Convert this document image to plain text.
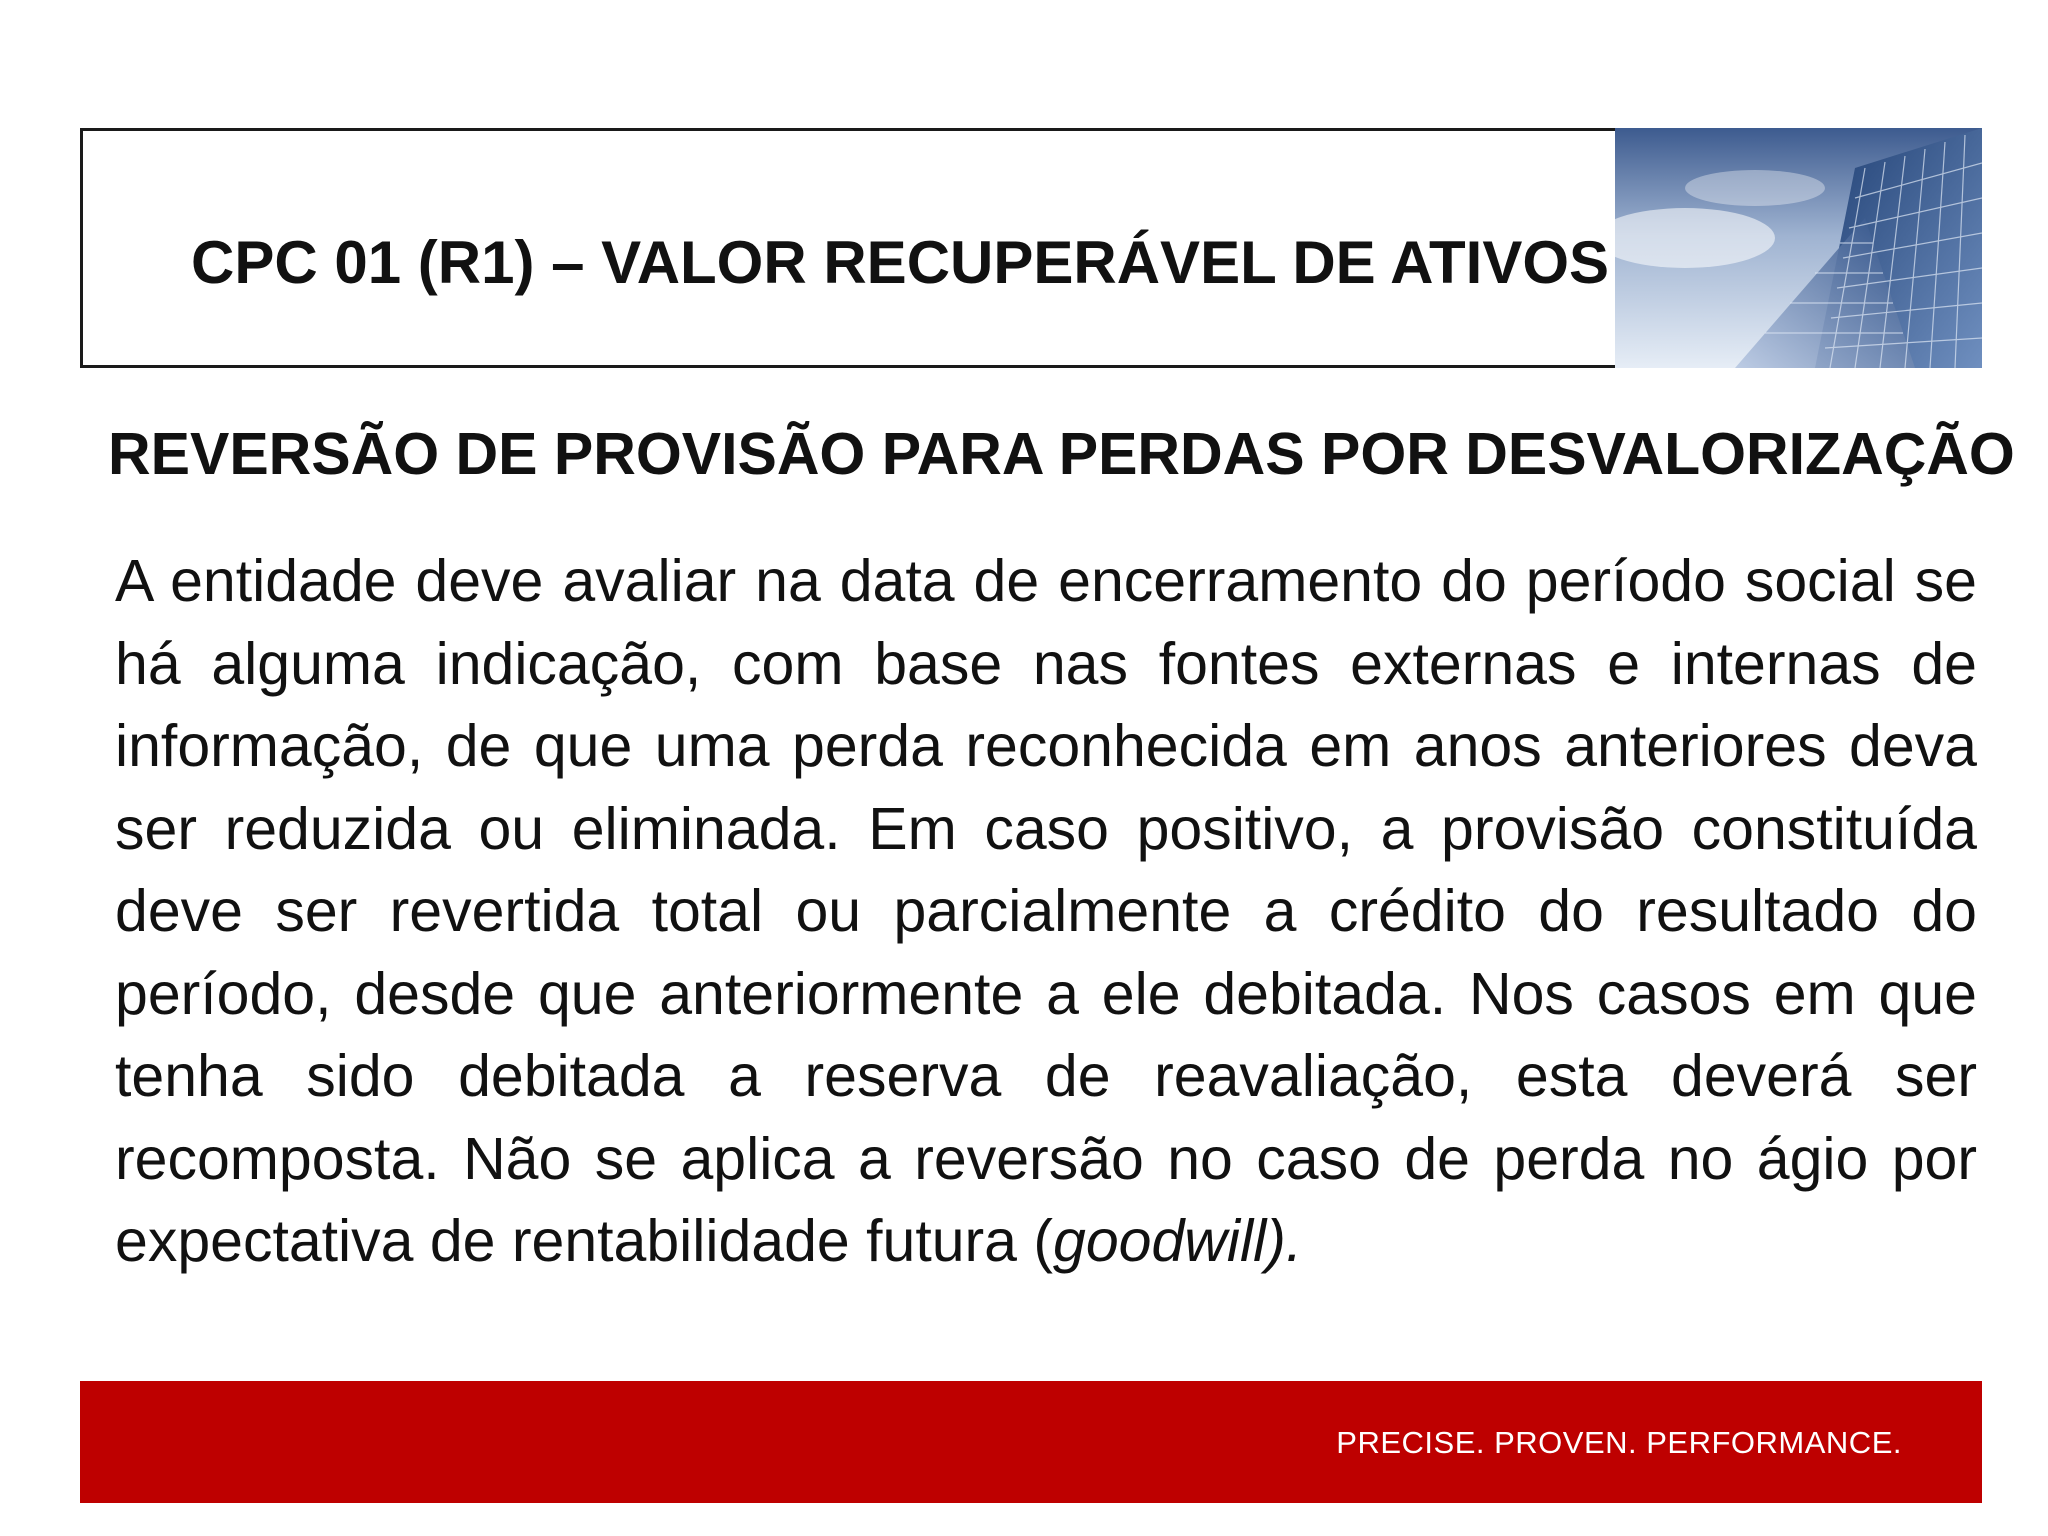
CPC 01 (R1) – VALOR RECUPERÁVEL DE ATIVOS
REVERSÃO DE PROVISÃO PARA PERDAS POR DESVALORIZAÇÃO

A entidade deve avaliar na data de encerramento do período social se há alguma indicação, com base nas fontes externas e internas de informação, de que uma perda reconhecida em anos anteriores deva ser reduzida ou eliminada. Em caso positivo, a provisão constituída deve ser revertida total ou parcialmente a crédito do resultado do período, desde que anteriormente a ele debitada. Nos casos em que tenha sido debitada a reserva de reavaliação, esta deverá ser recomposta. Não se aplica a reversão no caso de perda no ágio por expectativa de rentabilidade futura (goodwill).

PRECISE. PROVEN. PERFORMANCE.
